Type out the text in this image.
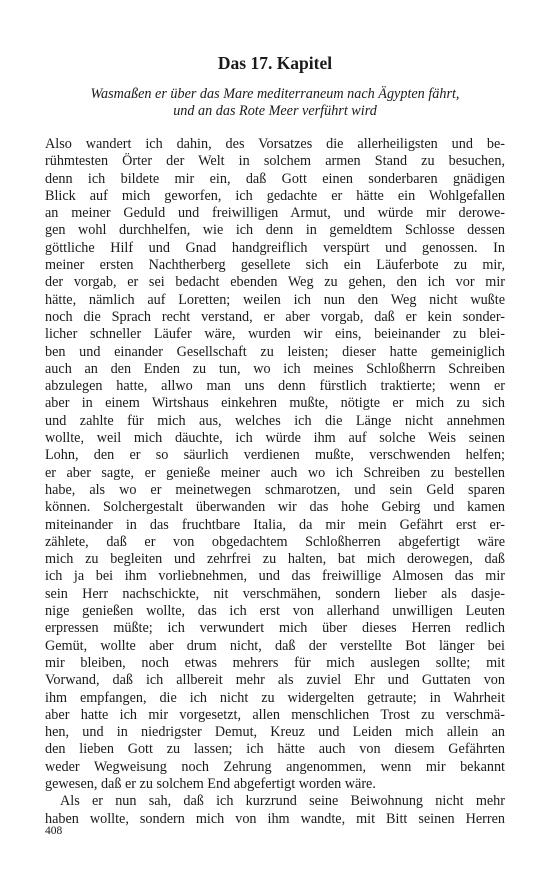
Das 17. Kapitel
Wasmaßen er über das Mare mediterraneum nach Ägypten fährt,
und an das Rote Meer verführt wird
Also wandert ich dahin, des Vorsatzes die allerheiligsten und be-
rühmtesten Örter der Welt in solchem armen Stand zu besuchen,
denn ich bildete mir ein, daß Gott einen sonderbaren gnädigen
Blick auf mich geworfen, ich gedachte er hätte ein Wohlgefallen
an meiner Geduld und freiwilligen Armut, und würde mir derowe-
gen wohl durchhelfen, wie ich denn in gemeldtem Schlosse dessen
göttliche Hilf und Gnad handgreiflich verspürt und genossen. In
meiner ersten Nachtherberg gesellete sich ein Läuferbote zu mir,
der vorgab, er sei bedacht ebenden Weg zu gehen, den ich vor mir
hätte, nämlich auf Loretten; weilen ich nun den Weg nicht wußte
noch die Sprach recht verstand, er aber vorgab, daß er kein sonder-
licher schneller Läufer wäre, wurden wir eins, beieinander zu blei-
ben und einander Gesellschaft zu leisten; dieser hatte gemeiniglich
auch an den Enden zu tun, wo ich meines Schloßherrn Schreiben
abzulegen hatte, allwo man uns denn fürstlich traktierte; wenn er
aber in einem Wirtshaus einkehren mußte, nötigte er mich zu sich
und zahlte für mich aus, welches ich die Länge nicht annehmen
wollte, weil mich däuchte, ich würde ihm auf solche Weis seinen
Lohn, den er so säurlich verdienen mußte, verschwenden helfen;
er aber sagte, er genieße meiner auch wo ich Schreiben zu bestellen
habe, als wo er meinetwegen schmarotzen, und sein Geld sparen
können. Solchergestalt überwanden wir das hohe Gebirg und kamen
miteinander in das fruchtbare Italia, da mir mein Gefährt erst er-
zählete, daß er von obgedachtem Schloßherren abgefertigt wäre
mich zu begleiten und zehrfrei zu halten, bat mich derowegen, daß
ich ja bei ihm vorliebnehmen, und das freiwillige Almosen das mir
sein Herr nachschickte, nit verschmähen, sondern lieber als dasje-
nige genießen wollte, das ich erst von allerhand unwilligen Leuten
erpressen müßte; ich verwundert mich über dieses Herren redlich
Gemüt, wollte aber drum nicht, daß der verstellte Bot länger bei
mir bleiben, noch etwas mehrers für mich auslegen sollte; mit
Vorwand, daß ich allbereit mehr als zuviel Ehr und Guttaten von
ihm empfangen, die ich nicht zu widergelten getraute; in Wahrheit
aber hatte ich mir vorgesetzt, allen menschlichen Trost zu verschmä-
hen, und in niedrigster Demut, Kreuz und Leiden mich allein an
den lieben Gott zu lassen; ich hätte auch von diesem Gefährten
weder Wegweisung noch Zehrung angenommen, wenn mir bekannt
gewesen, daß er zu solchem End abgefertigt worden wäre.
Als er nun sah, daß ich kurzrund seine Beiwohnung nicht mehr
haben wollte, sondern mich von ihm wandte, mit Bitt seinen Herren
408
